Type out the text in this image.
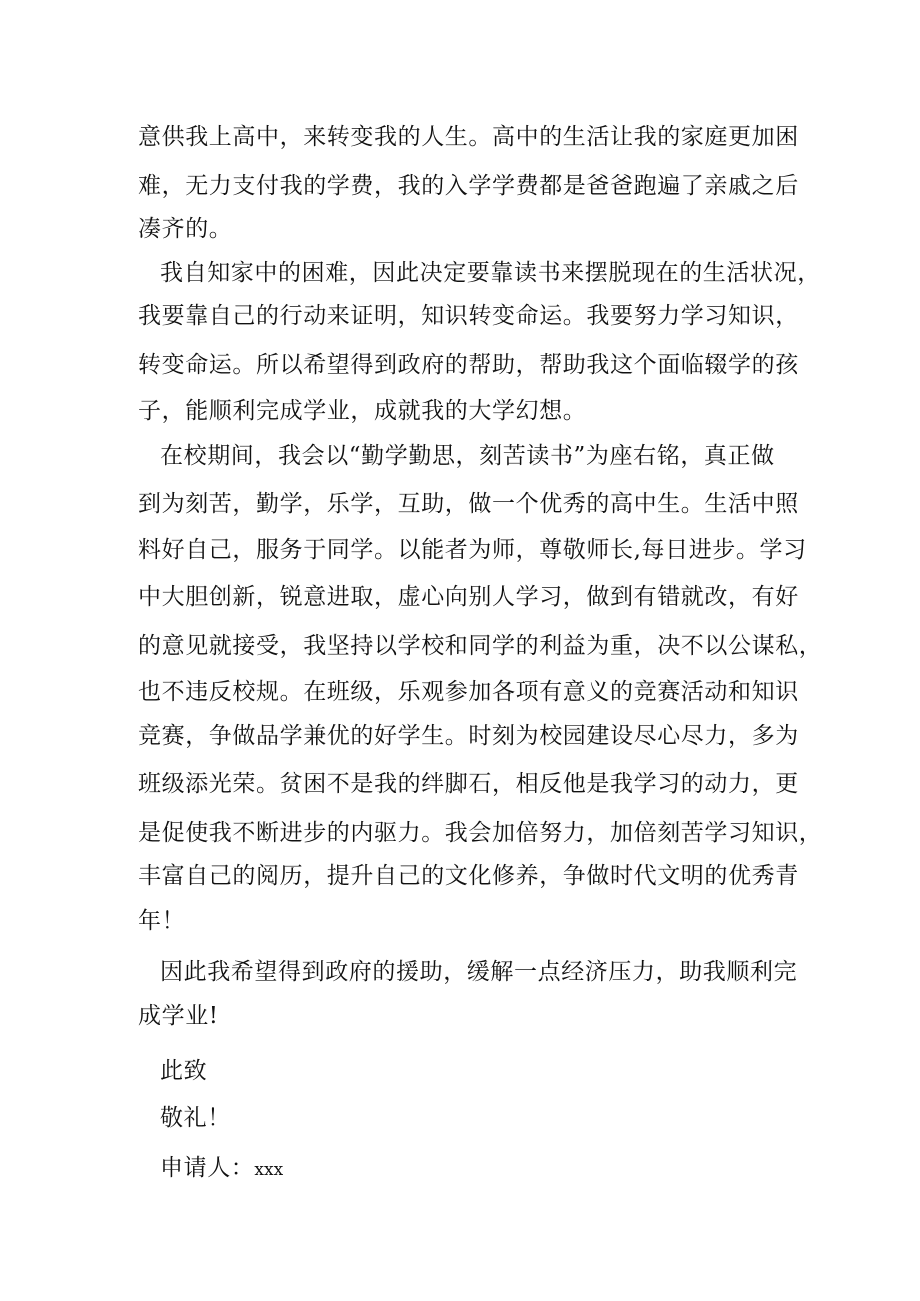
意供我上高中，来转变我的人生。高中的生活让我的家庭更加困
难，无力支付我的学费，我的入学学费都是爸爸跑遍了亲戚之后
凑齐的。
我自知家中的困难，因此决定要靠读书来摆脱现在的生活状况，
我要靠自己的行动来证明，知识转变命运。我要努力学习知识，
转变命运。所以希望得到政府的帮助，帮助我这个面临辍学的孩
子，能顺利完成学业，成就我的大学幻想。
在校期间，我会以“勤学勤思，刻苦读书”为座右铭，真正做
到为刻苦，勤学，乐学，互助，做一个优秀的高中生。生活中照
料好自己，服务于同学。以能者为师，尊敬师长,每日进步。学习
中大胆创新，锐意进取，虚心向别人学习，做到有错就改，有好
的意见就接受，我坚持以学校和同学的利益为重，决不以公谋私，
也不违反校规。在班级，乐观参加各项有意义的竞赛活动和知识
竞赛，争做品学兼优的好学生。时刻为校园建设尽心尽力，多为
班级添光荣。贫困不是我的绊脚石，相反他是我学习的动力，更
是促使我不断进步的内驱力。我会加倍努力，加倍刻苦学习知识，
丰富自己的阅历，提升自己的文化修养，争做时代文明的优秀青
年！
因此我希望得到政府的援助，缓解一点经济压力，助我顺利完
成学业!
此致
敬礼！
申请人：xxx
